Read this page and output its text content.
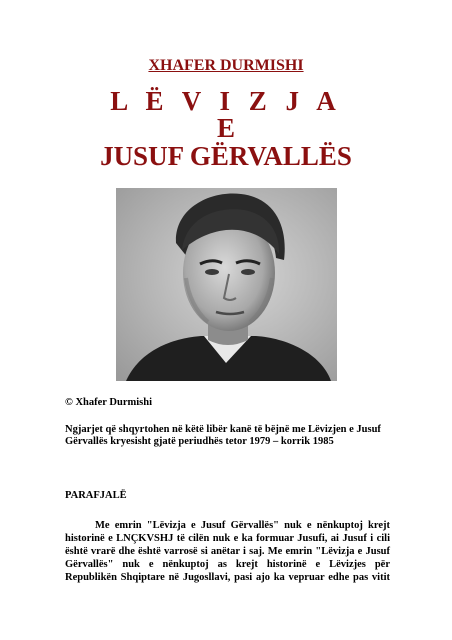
XHAFER DURMISHI
L Ë V I Z J A
E
JUSUF GËRVALLËS
© Xhafer Durmishi
Ngjarjet që shqyrtohen në këtë libër kanë të bëjnë me Lëvizjen e Jusuf
Gërvallës kryesisht gjatë periudhës tetor 1979 – korrik 1985
PARAFJALË
Me emrin "Lëvizja e Jusuf Gërvallës" nuk e nënkuptoj krejt
historinë e LNÇKVSHJ të cilën nuk e ka formuar Jusufi, ai Jusuf i cili
është vrarë dhe është varrosë si anëtar i saj. Me emrin "Lëvizja e Jusuf
Gërvallës" nuk e nënkuptoj as krejt historinë e Lëvizjes për
Republikën Shqiptare në Jugosllavi, pasi ajo ka vepruar edhe pas vitit
